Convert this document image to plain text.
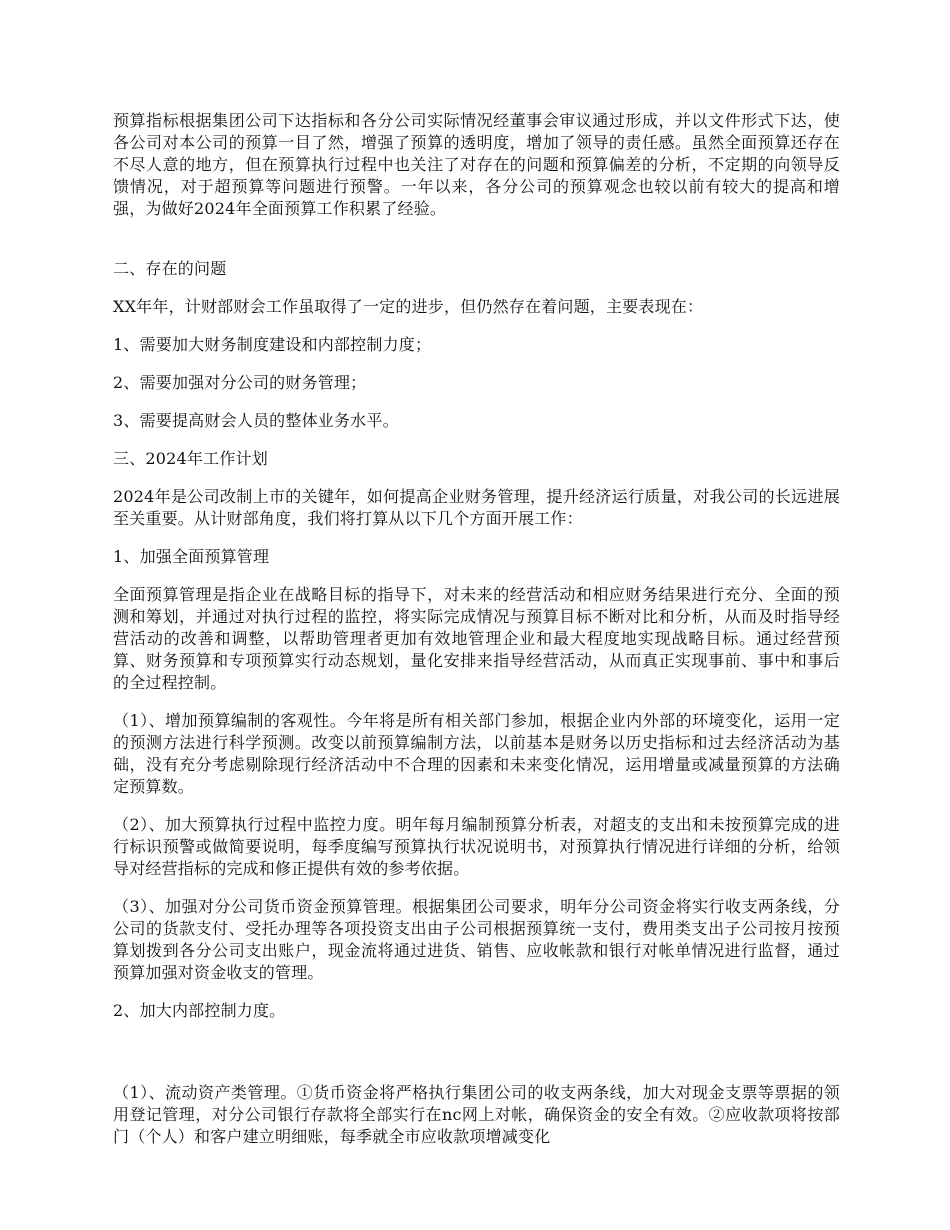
预算指标根据集团公司下达指标和各分公司实际情况经董事会审议通过形成，并以文件形式下达，使各公司对本公司的预算一目了然，增强了预算的透明度，增加了领导的责任感。虽然全面预算还存在不尽人意的地方，但在预算执行过程中也关注了对存在的问题和预算偏差的分析，不定期的向领导反馈情况，对于超预算等问题进行预警。一年以来，各分公司的预算观念也较以前有较大的提高和增强，为做好2024年全面预算工作积累了经验。

二、存在的问题

XX年年，计财部财会工作虽取得了一定的进步，但仍然存在着问题，主要表现在：

1、需要加大财务制度建设和内部控制力度；

2、需要加强对分公司的财务管理；

3、需要提高财会人员的整体业务水平。

三、2024年工作计划

2024年是公司改制上市的关键年，如何提高企业财务管理，提升经济运行质量，对我公司的长远进展至关重要。从计财部角度，我们将打算从以下几个方面开展工作：

1、加强全面预算管理

全面预算管理是指企业在战略目标的指导下，对未来的经营活动和相应财务结果进行充分、全面的预测和筹划，并通过对执行过程的监控，将实际完成情况与预算目标不断对比和分析，从而及时指导经营活动的改善和调整，以帮助管理者更加有效地管理企业和最大程度地实现战略目标。通过经营预算、财务预算和专项预算实行动态规划，量化安排来指导经营活动，从而真正实现事前、事中和事后的全过程控制。

（1）、增加预算编制的客观性。今年将是所有相关部门参加，根据企业内外部的环境变化，运用一定的预测方法进行科学预测。改变以前预算编制方法，以前基本是财务以历史指标和过去经济活动为基础，没有充分考虑剔除现行经济活动中不合理的因素和未来变化情况，运用增量或减量预算的方法确定预算数。

（2）、加大预算执行过程中监控力度。明年每月编制预算分析表，对超支的支出和未按预算完成的进行标识预警或做简要说明，每季度编写预算执行状况说明书，对预算执行情况进行详细的分析，给领导对经营指标的完成和修正提供有效的参考依据。

（3）、加强对分公司货币资金预算管理。根据集团公司要求，明年分公司资金将实行收支两条线，分公司的货款支付、受托办理等各项投资支出由子公司根据预算统一支付，费用类支出子公司按月按预算划拨到各分公司支出账户，现金流将通过进货、销售、应收帐款和银行对帐单情况进行监督，通过预算加强对资金收支的管理。

2、加大内部控制力度。

（1）、流动资产类管理。①货币资金将严格执行集团公司的收支两条线，加大对现金支票等票据的领用登记管理，对分公司银行存款将全部实行在nc网上对帐，确保资金的安全有效。②应收款项将按部门（个人）和客户建立明细账，每季就全市应收款项增减变化
